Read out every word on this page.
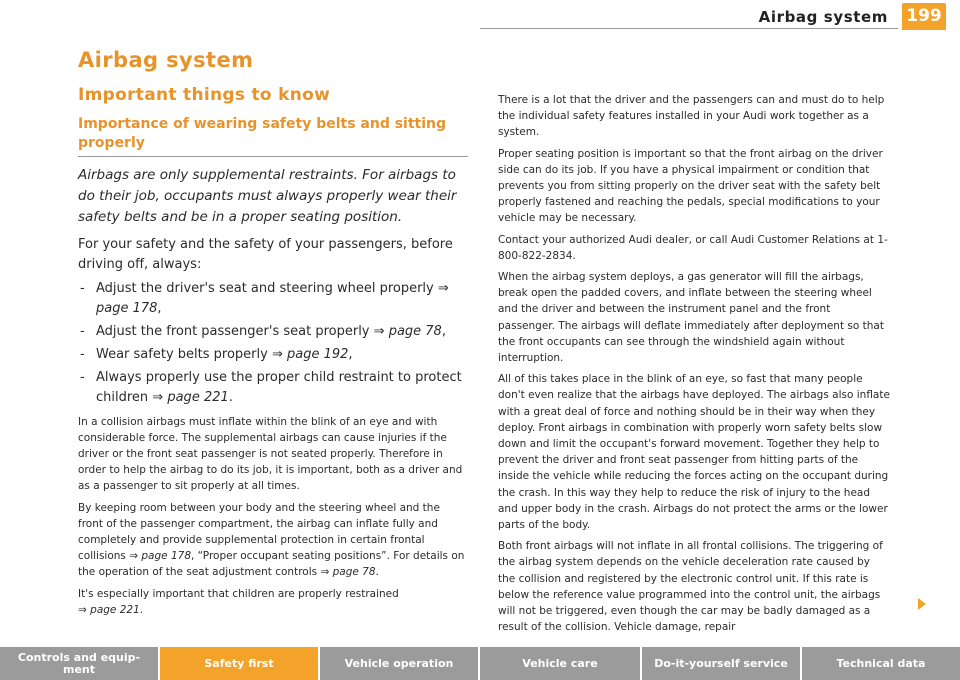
Airbag system 199
Airbag system
Important things to know
Importance of wearing safety belts and sitting properly

Airbags are only supplemental restraints. For airbags to do their job, occupants must always properly wear their safety belts and be in a proper seating position.

For your safety and the safety of your passengers, before driving off, always:

- Adjust the driver's seat and steering wheel properly ⇒ page 178,
- Adjust the front passenger's seat properly ⇒ page 78,
- Wear safety belts properly ⇒ page 192,
- Always properly use the proper child restraint to protect children ⇒ page 221.

In a collision airbags must inflate within the blink of an eye and with considerable force. The supplemental airbags can cause injuries if the driver or the front seat passenger is not seated properly. Therefore in order to help the airbag to do its job, it is important, both as a driver and as a passenger to sit properly at all times.

By keeping room between your body and the steering wheel and the front of the passenger compartment, the airbag can inflate fully and completely and provide supplemental protection in certain frontal collisions ⇒ page 178, “Proper occupant seating positions”. For details on the operation of the seat adjustment controls ⇒ page 78.

It's especially important that children are properly restrained
⇒ page 221.

There is a lot that the driver and the passengers can and must do to help the individual safety features installed in your Audi work together as a system.

Proper seating position is important so that the front airbag on the driver side can do its job. If you have a physical impairment or condition that prevents you from sitting properly on the driver seat with the safety belt properly fastened and reaching the pedals, special modifications to your vehicle may be necessary.

Contact your authorized Audi dealer, or call Audi Customer Relations at 1-800-822-2834.

When the airbag system deploys, a gas generator will fill the airbags, break open the padded covers, and inflate between the steering wheel and the driver and between the instrument panel and the front passenger. The airbags will deflate immediately after deployment so that the front occupants can see through the windshield again without interruption.

All of this takes place in the blink of an eye, so fast that many people don't even realize that the airbags have deployed. The airbags also inflate with a great deal of force and nothing should be in their way when they deploy. Front airbags in combination with properly worn safety belts slow down and limit the occupant's forward movement. Together they help to prevent the driver and front seat passenger from hitting parts of the inside the vehicle while reducing the forces acting on the occupant during the crash. In this way they help to reduce the risk of injury to the head and upper body in the crash. Airbags do not protect the arms or the lower parts of the body.

Both front airbags will not inflate in all frontal collisions. The triggering of the airbag system depends on the vehicle deceleration rate caused by the collision and registered by the electronic control unit. If this rate is below the reference value programmed into the control unit, the airbags will not be triggered, even though the car may be badly damaged as a result of the collision. Vehicle damage, repair

Controls and equip-ment	Safety first	Vehicle operation	Vehicle care	Do-it-yourself service	Technical data
